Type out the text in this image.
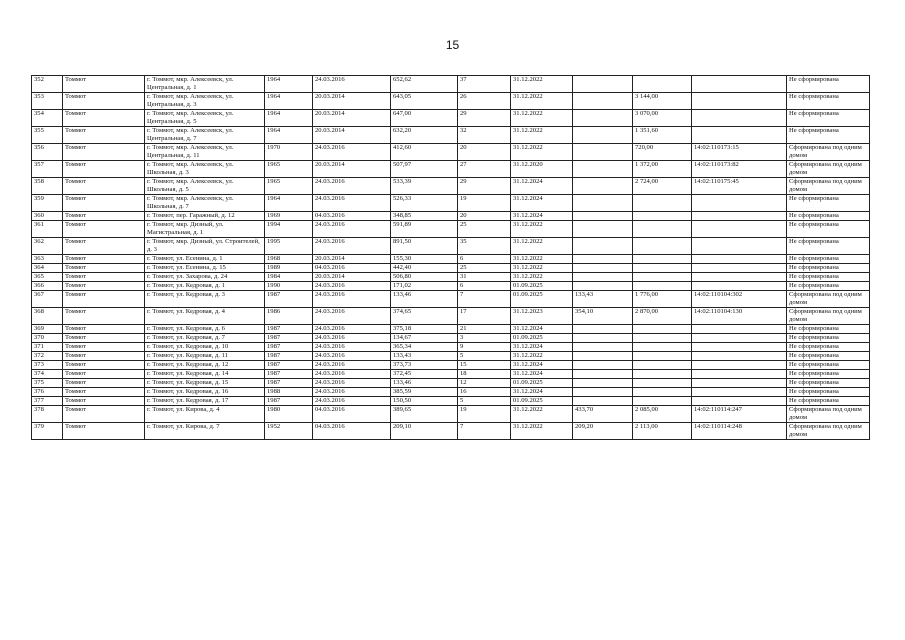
15
352	Томмот	г. Томмот, мкр. Алексеевск, ул. Центральная, д. 1	1964	24.03.2016	652,62	37	31.12.2022				Не сформирована
353	Томмот	г. Томмот, мкр. Алексеевск, ул. Центральная, д. 3	1964	20.03.2014	643,05	26	31.12.2022		3 144,00		Не сформирована
354	Томмот	г. Томмот, мкр. Алексеевск, ул. Центральная, д. 5	1964	20.03.2014	647,00	29	31.12.2022		3 070,00		Не сформирована
355	Томмот	г. Томмот, мкр. Алексеевск, ул. Центральная, д. 7	1964	20.03.2014	632,20	32	31.12.2022		1 351,60		Не сформирована
356	Томмот	г. Томмот, мкр. Алексеевск, ул. Центральная, д. 11	1970	24.03.2016	412,60	20	31.12.2022		720,00	14:02:110173:15	Сформирована под одним домом
357	Томмот	г. Томмот, мкр. Алексеевск, ул. Школьная, д. 3	1965	20.03.2014	507,97	27	31.12.2020		1 372,00	14:02:110173:82	Сформирована под одним домом
358	Томмот	г. Томмот, мкр. Алексеевск, ул. Школьная, д. 5	1965	24.03.2016	533,39	29	31.12.2024		2 724,00	14:02:110175:45	Сформирована под одним домом
359	Томмот	г. Томмот, мкр. Алексеевск, ул. Школьная, д. 7	1964	24.03.2016	526,33	19	31.12.2024				Не сформирована
360	Томмот	г. Томмот, пер. Гаражный, д. 12	1969	04.03.2016	348,85	20	31.12.2024				Не сформирована
361	Томмот	г. Томмот, мкр. Дизный, ул. Магистральная, д. 1	1994	24.03.2016	591,89	25	31.12.2022				Не сформирована
362	Томмот	г. Томмот, мкр. Дизный, ул. Строителей, д. 3	1995	24.03.2016	891,50	35	31.12.2022				Не сформирована
363	Томмот	г. Томмот, ул. Есенина, д. 1	1968	20.03.2014	155,30	6	31.12.2022				Не сформирована
364	Томмот	г. Томмот, ул. Есенина, д. 15	1989	04.03.2016	442,40	25	31.12.2022				Не сформирована
365	Томмот	г. Томмот, ул. Захарова, д. 24	1984	20.03.2014	506,80	31	31.12.2022				Не сформирована
366	Томмот	г. Томмот, ул. Кедровая, д. 1	1990	24.03.2016	171,02	6	01.09.2025				Не сформирована
367	Томмот	г. Томмот, ул. Кедровая, д. 3	1987	24.03.2016	133,46	7	01.09.2025	133,43	1 776,00	14:02:110104:302	Сформирована под одним домом
368	Томмот	г. Томмот, ул. Кедровая, д. 4	1986	24.03.2016	374,65	17	31.12.2023	354,10	2 870,00	14:02:110104:130	Сформирована под одним домом
369	Томмот	г. Томмот, ул. Кедровая, д. 6	1987	24.03.2016	375,18	21	31.12.2024				Не сформирована
370	Томмот	г. Томмот, ул. Кедровая, д. 7	1987	24.03.2016	134,67	3	01.09.2025				Не сформирована
371	Томмот	г. Томмот, ул. Кедровая, д. 10	1987	24.03.2016	365,34	9	31.12.2024				Не сформирована
372	Томмот	г. Томмот, ул. Кедровая, д. 11	1987	24.03.2016	133,43	5	31.12.2022				Не сформирована
373	Томмот	г. Томмот, ул. Кедровая, д. 12	1987	24.03.2016	373,73	15	31.12.2024				Не сформирована
374	Томмот	г. Томмот, ул. Кедровая, д. 14	1987	24.03.2016	372,45	18	31.12.2024				Не сформирована
375	Томмот	г. Томмот, ул. Кедровая, д. 15	1987	24.03.2016	133,46	12	01.09.2025				Не сформирована
376	Томмот	г. Томмот, ул. Кедровая, д. 16	1988	24.03.2016	385,59	16	31.12.2024				Не сформирована
377	Томмот	г. Томмот, ул. Кедровая, д. 17	1987	24.03.2016	150,50	5	01.09.2025				Не сформирована
378	Томмот	г. Томмот, ул. Кирова, д. 4	1980	04.03.2016	389,65	19	31.12.2022	433,70	2 085,00	14:02:110114:247	Сформирована под одним домом
379	Томмот	г. Томмот, ул. Кирова, д. 7	1952	04.03.2016	209,10	7	31.12.2022	209,20	2 113,00	14:02:110114:248	Сформирована под одним домом
